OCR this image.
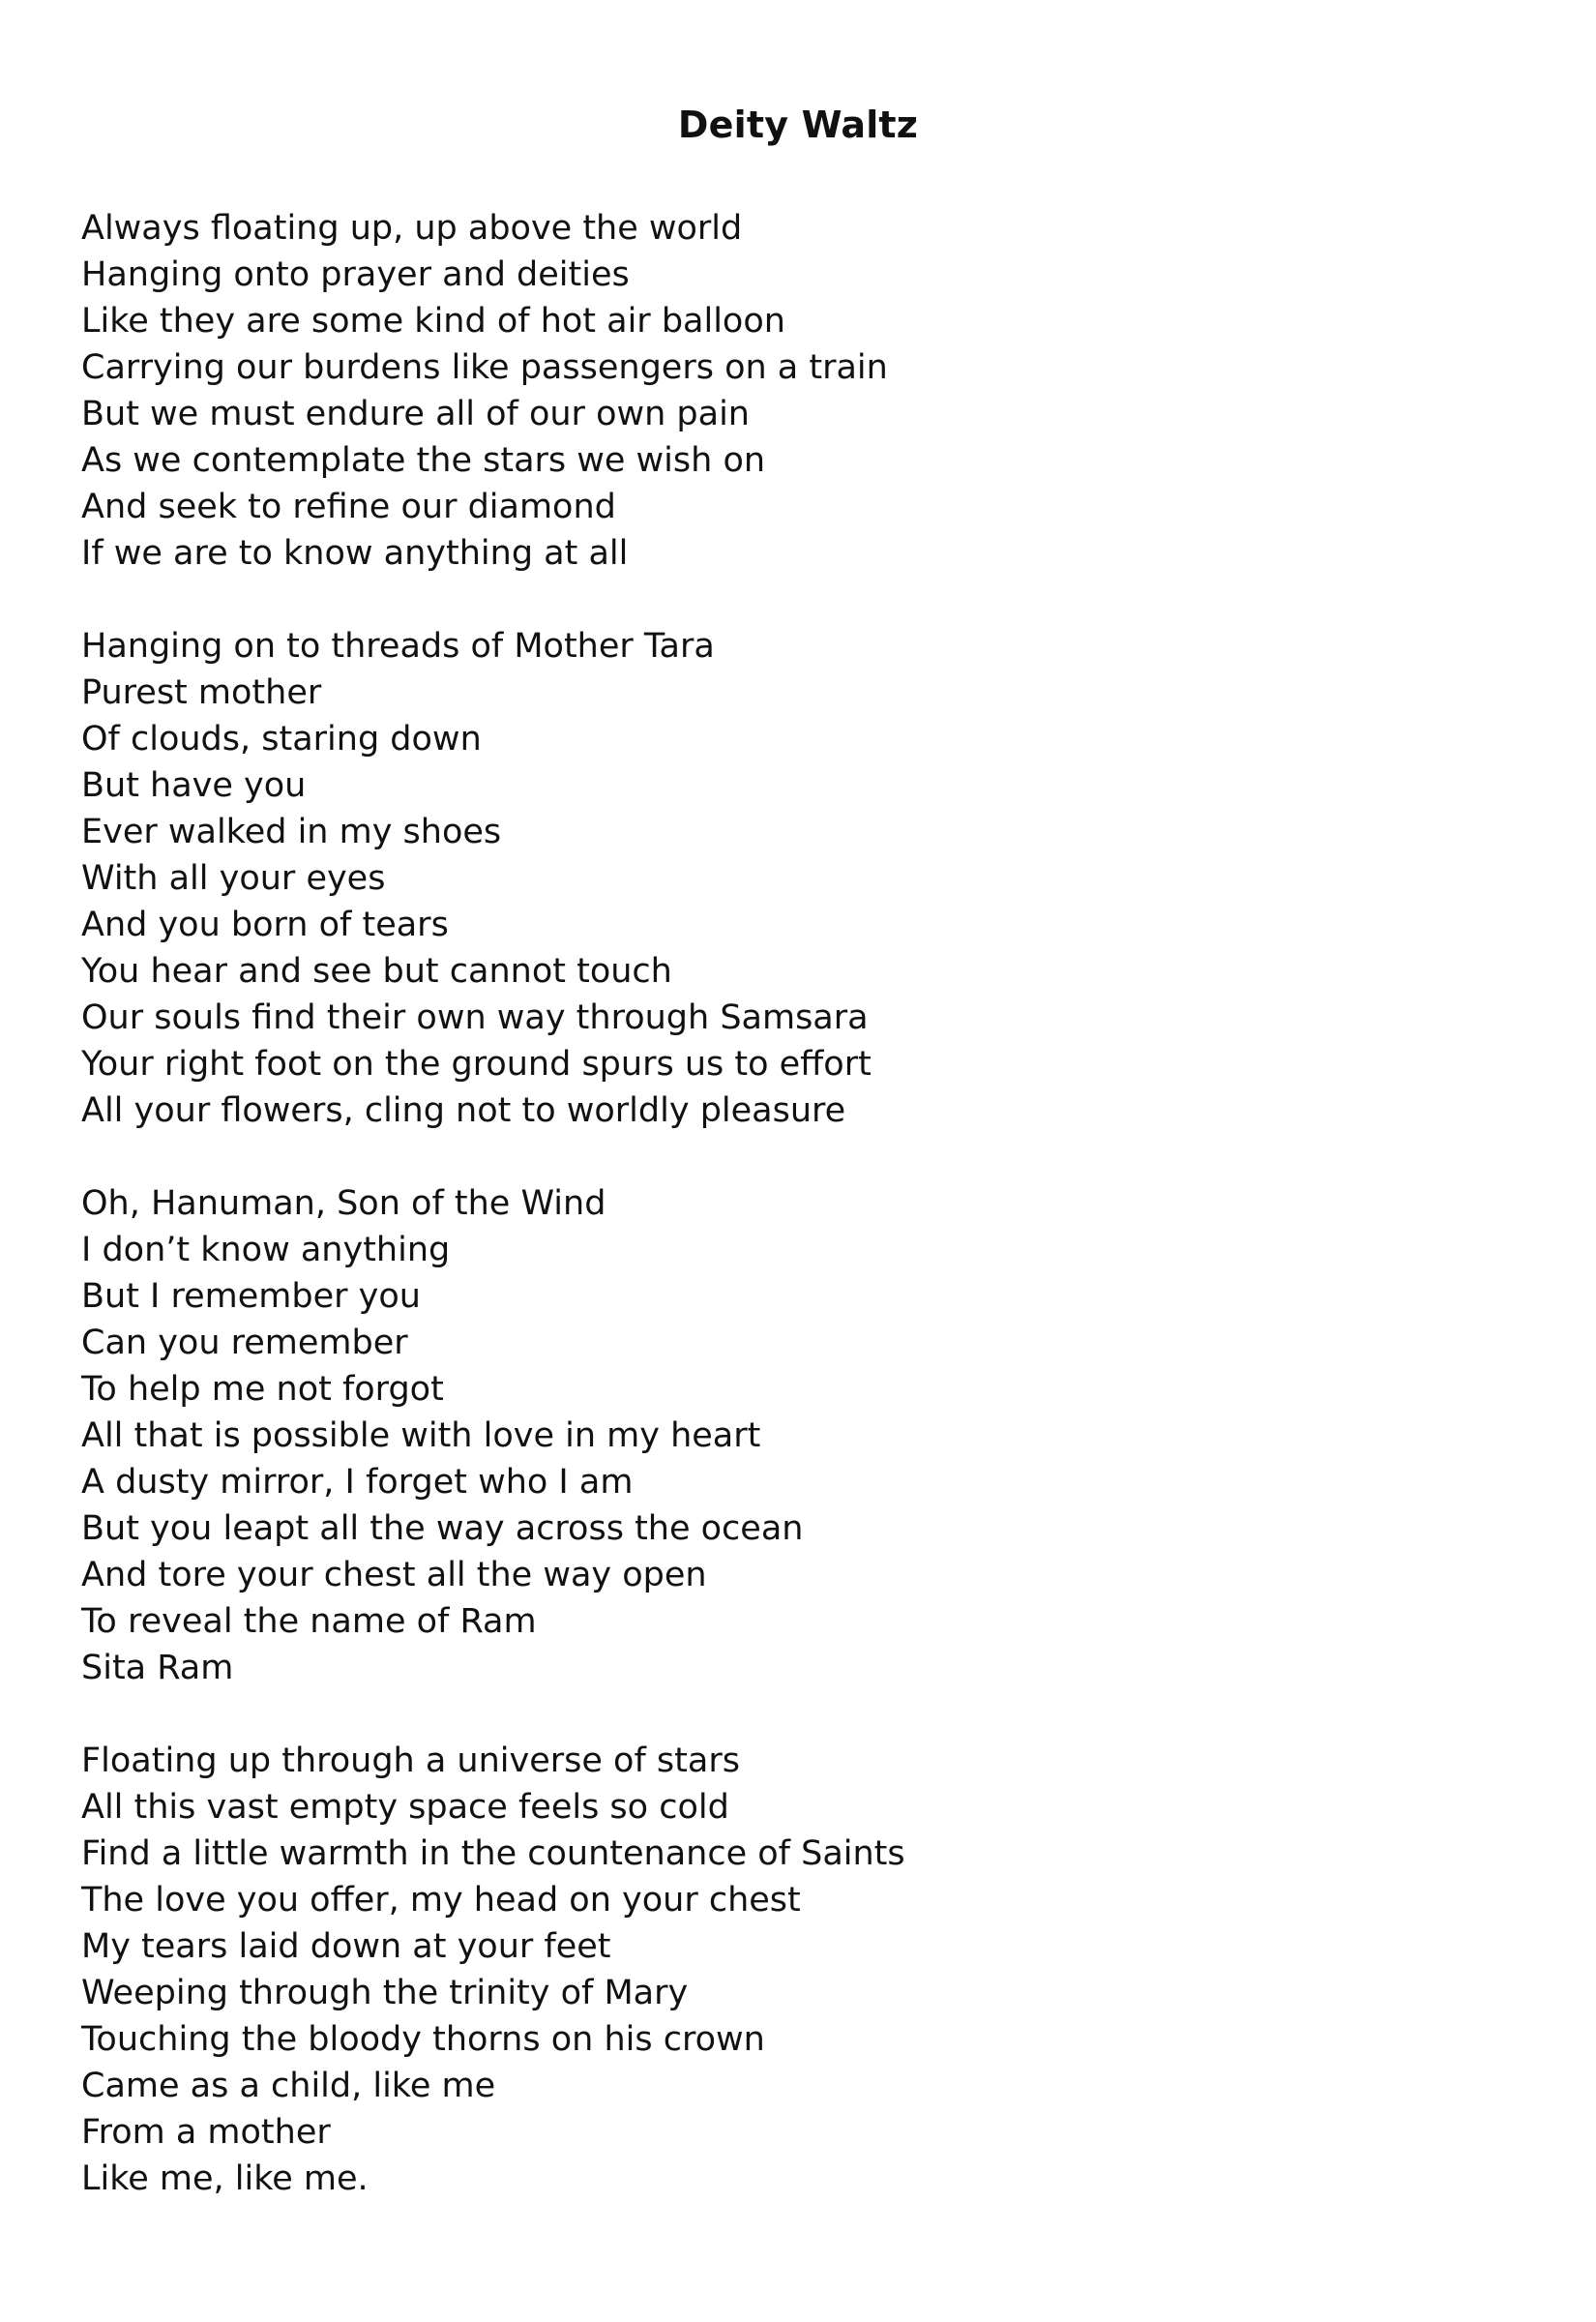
Deity Waltz
Always floating up, up above the world
Hanging onto prayer and deities
Like they are some kind of hot air balloon
Carrying our burdens like passengers on a train
But we must endure all of our own pain
As we contemplate the stars we wish on
And seek to refine our diamond
If we are to know anything at all
Hanging on to threads of Mother Tara
Purest mother
Of clouds, staring down
But have you
Ever walked in my shoes
With all your eyes
And you born of tears
You hear and see but cannot touch
Our souls find their own way through Samsara
Your right foot on the ground spurs us to effort
All your flowers, cling not to worldly pleasure
Oh, Hanuman, Son of the Wind
I don’t know anything
But I remember you
Can you remember
To help me not forgot
All that is possible with love in my heart
A dusty mirror, I forget who I am
But you leapt all the way across the ocean
And tore your chest all the way open
To reveal the name of Ram
Sita Ram
Floating up through a universe of stars
All this vast empty space feels so cold
Find a little warmth in the countenance of Saints
The love you offer, my head on your chest
My tears laid down at your feet
Weeping through the trinity of Mary
Touching the bloody thorns on his crown
Came as a child, like me
From a mother
Like me, like me.
